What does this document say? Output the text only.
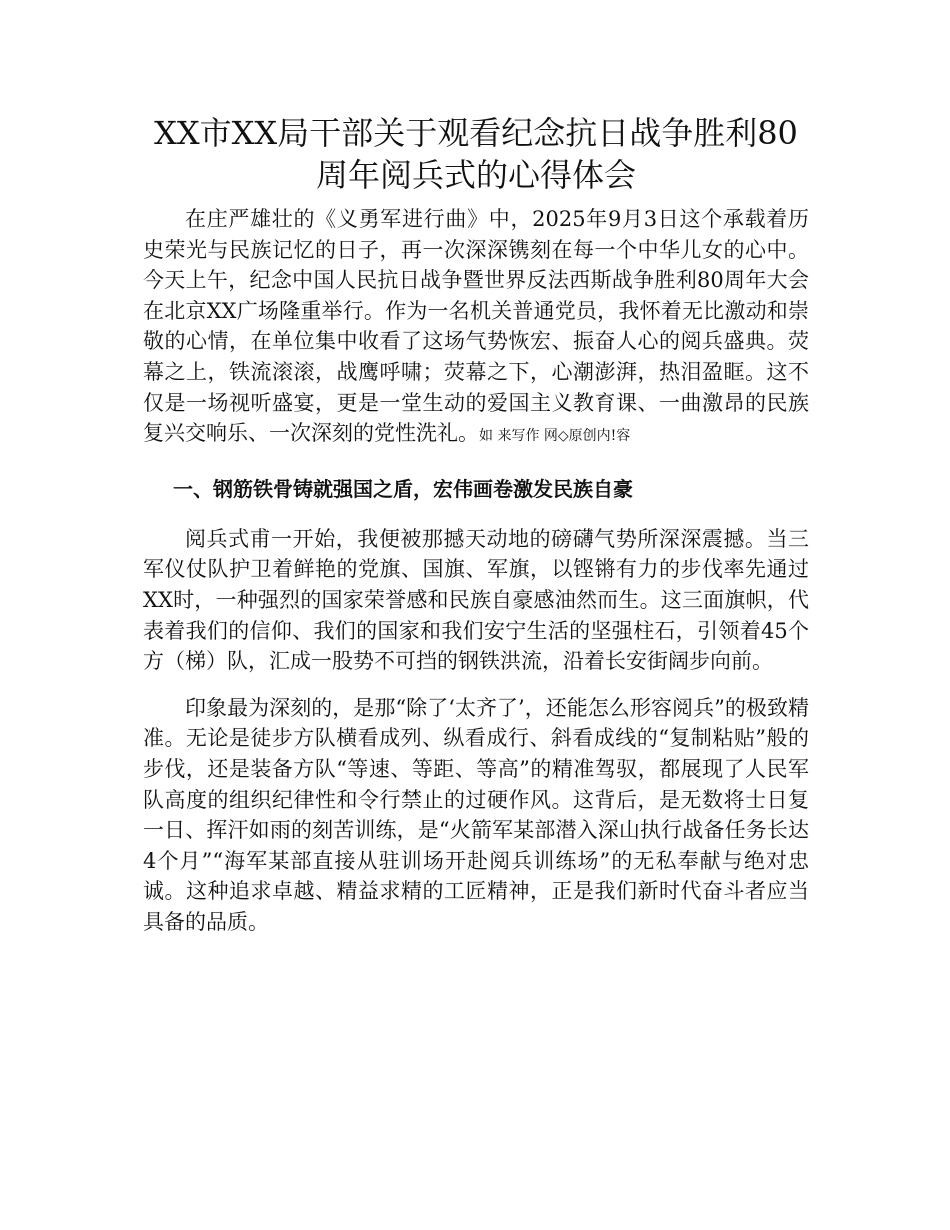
XX市XX局干部关于观看纪念抗日战争胜利80
周年阅兵式的心得体会

在庄严雄壮的《义勇军进行曲》中，2025年9月3日这个承载着历史荣光与民族记忆的日子，再一次深深镌刻在每一个中华儿女的心中。今天上午，纪念中国人民抗日战争暨世界反法西斯战争胜利80周年大会在北京XX广场隆重举行。作为一名机关普通党员，我怀着无比激动和崇敬的心情，在单位集中收看了这场气势恢宏、振奋人心的阅兵盛典。荧幕之上，铁流滚滚，战鹰呼啸；荧幕之下，心潮澎湃，热泪盈眶。这不仅是一场视听盛宴，更是一堂生动的爱国主义教育课、一曲激昂的民族复兴交响乐、一次深刻的党性洗礼。如 来写作 网◇原创内!容

一、钢筋铁骨铸就强国之盾，宏伟画卷激发民族自豪

阅兵式甫一开始，我便被那撼天动地的磅礴气势所深深震撼。当三军仪仗队护卫着鲜艳的党旗、国旗、军旗，以铿锵有力的步伐率先通过XX时，一种强烈的国家荣誉感和民族自豪感油然而生。这三面旗帜，代表着我们的信仰、我们的国家和我们安宁生活的坚强柱石，引领着45个方（梯）队，汇成一股势不可挡的钢铁洪流，沿着长安街阔步向前。

印象最为深刻的，是那“除了‘太齐了’，还能怎么形容阅兵”的极致精准。无论是徒步方队横看成列、纵看成行、斜看成线的“复制粘贴”般的步伐，还是装备方队“等速、等距、等高”的精准驾驭，都展现了人民军队高度的组织纪律性和令行禁止的过硬作风。这背后，是无数将士日复一日、挥汗如雨的刻苦训练，是“火箭军某部潜入深山执行战备任务长达4个月”“海军某部直接从驻训场开赴阅兵训练场”的无私奉献与绝对忠诚。这种追求卓越、精益求精的工匠精神，正是我们新时代奋斗者应当具备的品质。
